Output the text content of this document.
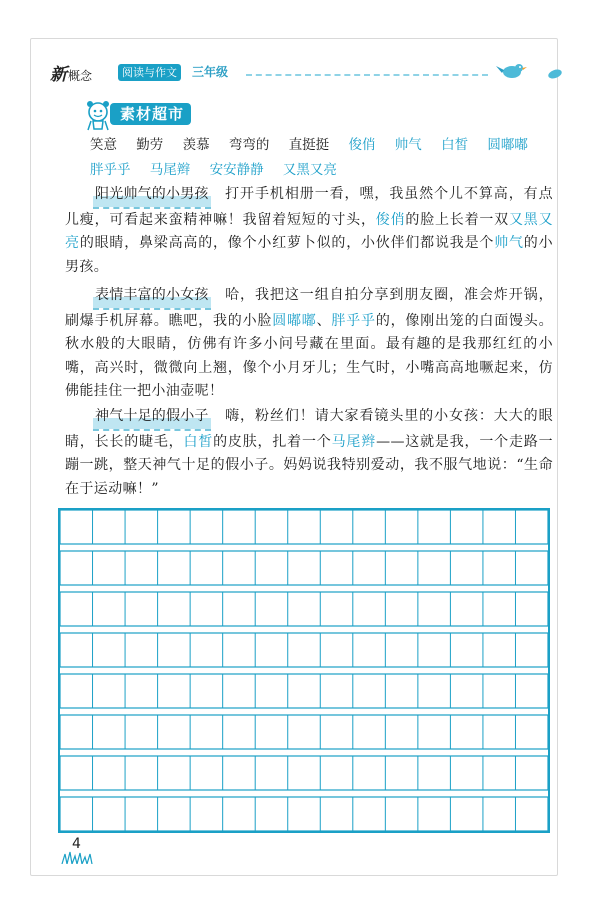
新概念	阅读与作文	三年级
素材超市
笑意 勤劳 羡慕 弯弯的 直挺挺 俊俏 帅气 白皙 圆嘟嘟
胖乎乎 马尾辫 安安静静 又黑又亮
阳光帅气的小男孩 打开手机相册一看，嘿，我虽然个儿不算高，有点儿瘦，可看起来蛮精神嘛！我留着短短的寸头，俊俏的脸上长着一双又黑又亮的眼睛，鼻梁高高的，像个小红萝卜似的，小伙伴们都说我是个帅气的小男孩。
表情丰富的小女孩 哈，我把这一组自拍分享到朋友圈，准会炸开锅，刷爆手机屏幕。瞧吧，我的小脸圆嘟嘟、胖乎乎的，像刚出笼的白面馒头。秋水般的大眼睛，仿佛有许多小问号藏在里面。最有趣的是我那红红的小嘴，高兴时，微微向上翘，像个小月牙儿；生气时，小嘴高高地噘起来，仿佛能挂住一把小油壶呢！
神气十足的假小子 嗨，粉丝们！请大家看镜头里的小女孩：大大的眼睛，长长的睫毛，白皙的皮肤，扎着一个马尾辫——这就是我，一个走路一蹦一跳，整天神气十足的假小子。妈妈说我特别爱动，我不服气地说：“生命在于运动嘛！”
4
